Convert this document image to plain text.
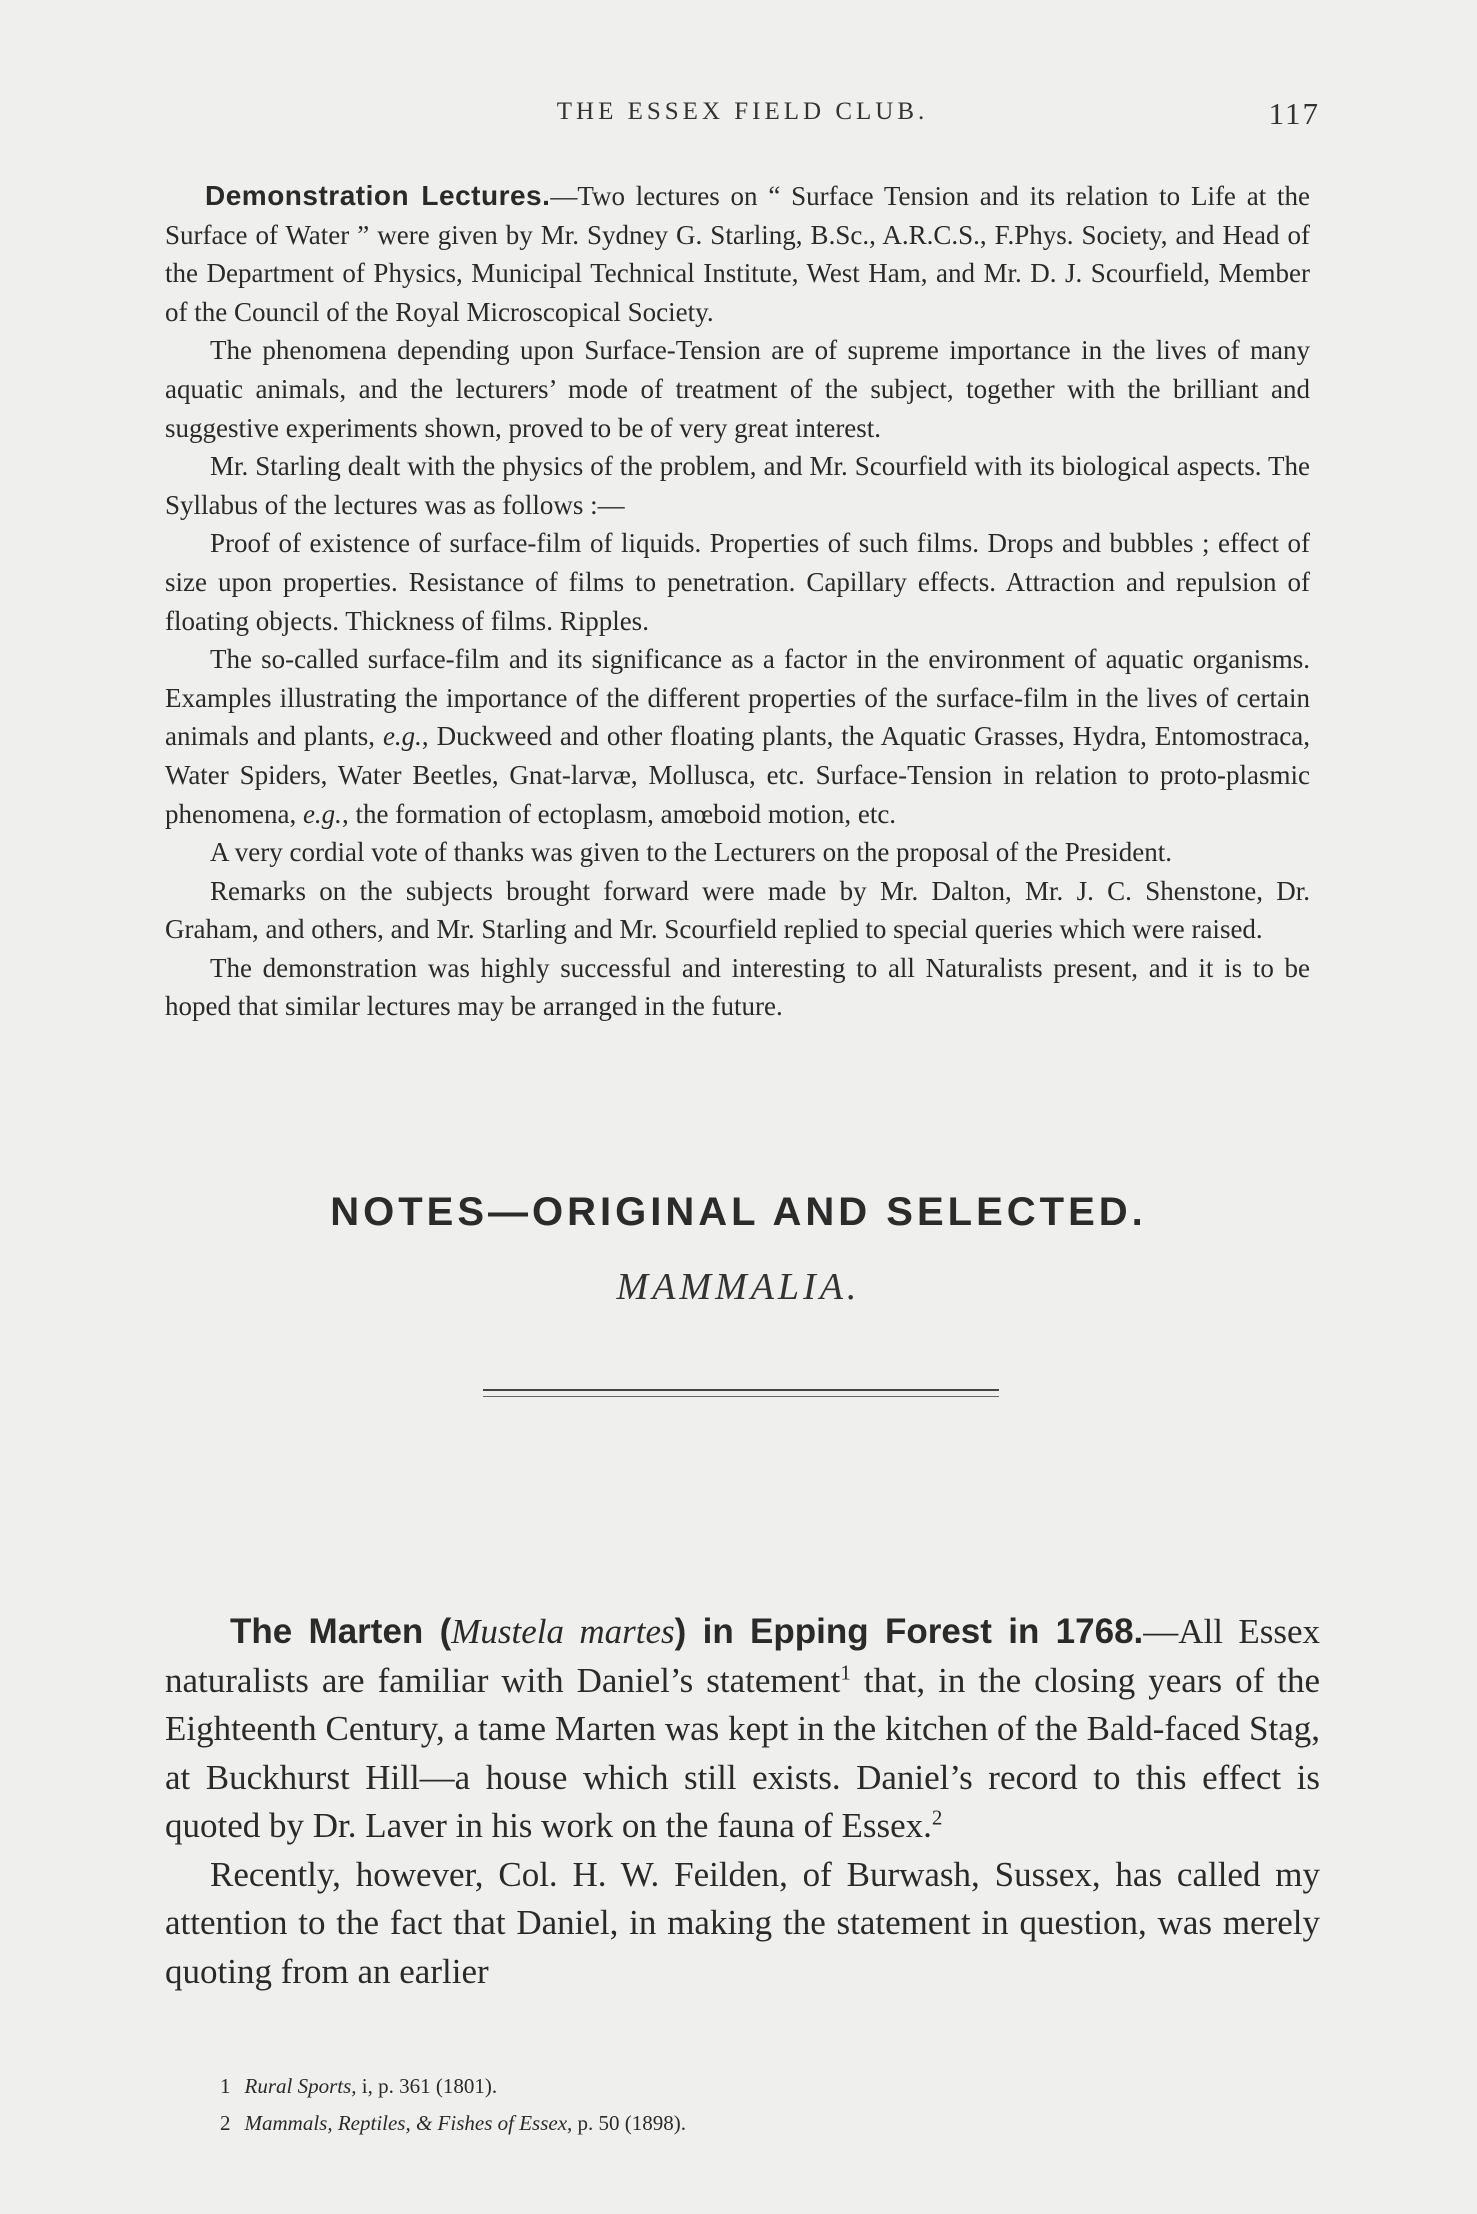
THE ESSEX FIELD CLUB.	117

Demonstration Lectures.—Two lectures on “ Surface Tension and its relation to Life at the Surface of Water ” were given by Mr. Sydney G. Starling, B.Sc., A.R.C.S., F.Phys. Society, and Head of the Department of Physics, Municipal Technical Institute, West Ham, and Mr. D. J. Scourfield, Member of the Council of the Royal Microscopical Society.

The phenomena depending upon Surface-Tension are of supreme importance in the lives of many aquatic animals, and the lecturers’ mode of treatment of the subject, together with the brilliant and suggestive experiments shown, proved to be of very great interest.

Mr. Starling dealt with the physics of the problem, and Mr. Scourfield with its biological aspects. The Syllabus of the lectures was as follows :—

Proof of existence of surface-film of liquids. Properties of such films. Drops and bubbles ; effect of size upon properties. Resistance of films to penetration. Capillary effects. Attraction and repulsion of floating objects. Thickness of films. Ripples.

The so-called surface-film and its significance as a factor in the environment of aquatic organisms. Examples illustrating the importance of the different properties of the surface-film in the lives of certain animals and plants, e.g., Duckweed and other floating plants, the Aquatic Grasses, Hydra, Entomostraca, Water Spiders, Water Beetles, Gnat-larvæ, Mollusca, etc. Surface-Tension in relation to proto-plasmic phenomena, e.g., the formation of ectoplasm, amœboid motion, etc.

A very cordial vote of thanks was given to the Lecturers on the proposal of the President.

Remarks on the subjects brought forward were made by Mr. Dalton, Mr. J. C. Shenstone, Dr. Graham, and others, and Mr. Starling and Mr. Scourfield replied to special queries which were raised.

The demonstration was highly successful and interesting to all Naturalists present, and it is to be hoped that similar lectures may be arranged in the future.

NOTES—ORIGINAL AND SELECTED.
MAMMALIA.

The Marten (Mustela martes) in Epping Forest in 1768.—All Essex naturalists are familiar with Daniel’s statement$^1$ that, in the closing years of the Eighteenth Century, a tame Marten was kept in the kitchen of the Bald-faced Stag, at Buckhurst Hill—a house which still exists. Daniel’s record to this effect is quoted by Dr. Laver in his work on the fauna of Essex.$^2$

Recently, however, Col. H. W. Feilden, of Burwash, Sussex, has called my attention to the fact that Daniel, in making the statement in question, was merely quoting from an earlier

1 Rural Sports, i, p. 361 (1801).
2 Mammals, Reptiles, & Fishes of Essex, p. 50 (1898).
